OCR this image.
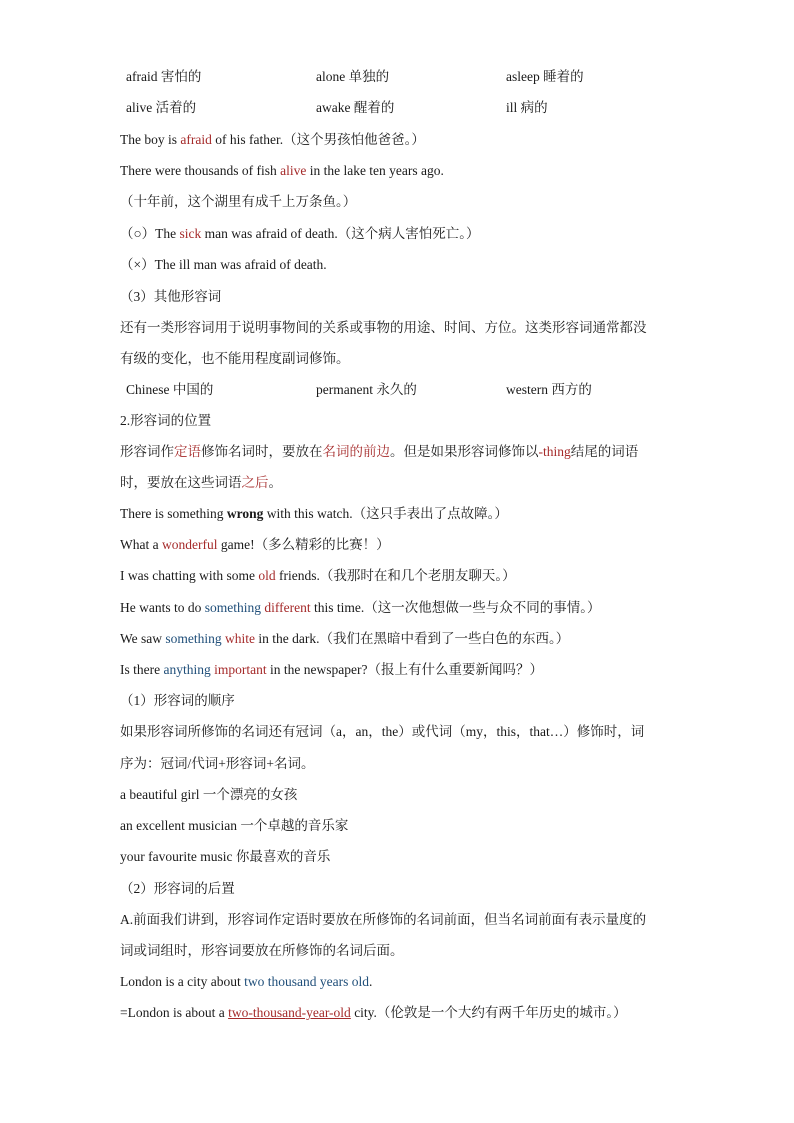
afraid 害怕的	alone 单独的	asleep 睡着的
alive 活着的	awake 醒着的	ill 病的
The boy is afraid of his father.（这个男孩怕他爸爸。）
There were thousands of fish alive in the lake ten years ago.
（十年前，这个湖里有成千上万条鱼。）
（○）The sick man was afraid of death.（这个病人害怕死亡。）
（×）The ill man was afraid of death.
（3）其他形容词
还有一类形容词用于说明事物间的关系或事物的用途、时间、方位。这类形容词通常都没
有级的变化，也不能用程度副词修饰。
Chinese 中国的	permanent 永久的	western 西方的
2.形容词的位置
形容词作定语修饰名词时，要放在名词的前边。但是如果形容词修饰以-thing结尾的词语
时，要放在这些词语之后。
There is something wrong with this watch.（这只手表出了点故障。）
What a wonderful game!（多么精彩的比赛！）
I was chatting with some old friends.（我那时在和几个老朋友聊天。）
He wants to do something different this time.（这一次他想做一些与众不同的事情。）
We saw something white in the dark.（我们在黑暗中看到了一些白色的东西。）
Is there anything important in the newspaper?（报上有什么重要新闻吗？）
（1）形容词的顺序
如果形容词所修饰的名词还有冠词（a，an，the）或代词（my，this，that…）修饰时，词
序为：冠词/代词+形容词+名词。
a beautiful girl 一个漂亮的女孩
an excellent musician 一个卓越的音乐家
your favourite music 你最喜欢的音乐
（2）形容词的后置
A.前面我们讲到，形容词作定语时要放在所修饰的名词前面，但当名词前面有表示量度的
词或词组时，形容词要放在所修饰的名词后面。
London is a city about two thousand years old.
=London is about a two-thousand-year-old city.（伦敦是一个大约有两千年历史的城市。）
